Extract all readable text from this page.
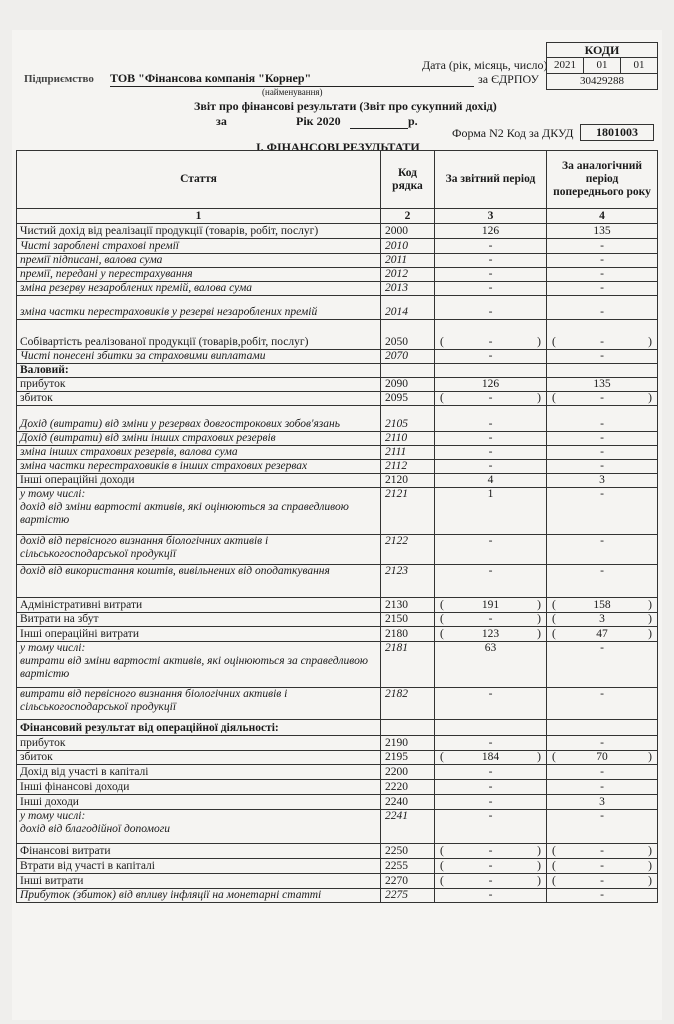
КОДИ
2021	01	01
30429288
Дата (рік, місяць, число)
Підприємство ТОВ "Фінансова компанія "Корнер"	за ЄДРПОУ
(найменування)
Звіт про фінансові результати (Звіт про сукупний дохід)
за	Рік 2020	р.
Форма N2 Код за ДКУД	1801003
І. ФІНАНСОВІ РЕЗУЛЬТАТИ
Стаття	Код рядка	За звітний період	За аналогічний період попереднього року
1	2	3	4
Чистий дохід від реалізації продукції (товарів, робіт, послуг)	2000	126	135
Чисті зароблені страхові премії	2010	-	-
премії підписані, валова сума	2011	-	-
премії, передані у перестрахування	2012	-	-
зміна резерву незароблених премій, валова сума	2013	-	-
зміна частки перестраховиків у резерві незароблених премій	2014	-	-
Собівартість реалізованої продукції (товарів,робіт, послуг)	2050	( - )	( - )

Чисті понесені збитки за страховими виплатами	2070	-	-
Валовий:			
прибуток	2090	126	135
збиток	2095	( - )	( - )

Дохід (витрати) від зміни у резервах довгострокових зобов'язань	2105	-	-
Дохід (витрати) від зміни інших страхових резервів	2110	-	-
зміна інших страхових резервів, валова сума	2111	-	-
зміна частки перестраховиків в інших страхових резервах	2112	-	-
Інші операційні доходи	2120	4	3
у тому числі:
дохід від зміни вартості активів, які оцінюються за справедливою вартістю	2121	1	-
дохід від первісного визнання біологічних активів і сільськогосподарської продукції	2122	-	-
дохід від використання коштів, вивільнених від оподаткування	2123	-	-
Адміністративні витрати	2130	( 191 )	( 158 )

Витрати на збут	2150	( - )	( 3 )

Інші операційні витрати	2180	( 123 )	( 47 )

у тому числі:
витрати від зміни вартості активів, які оцінюються за справедливою вартістю	2181	63	-
витрати від первісного визнання біологічних активів і сільськогосподарської продукції	2182	-	-
Фінансовий результат від операційної діяльності:			
прибуток	2190	-	-
збиток	2195	( 184 )	( 70 )

Дохід від участі в капіталі	2200	-	-
Інші фінансові доходи	2220	-	-
Інші доходи	2240	-	3
у тому числі:
дохід від благодійної допомоги	2241	-	-
Фінансові витрати	2250	( - )	( - )

Втрати від участі в капіталі	2255	( - )	( - )

Інші витрати	2270	( - )	( - )

Прибуток (збиток) від впливу інфляції на монетарні статті	2275	-	-
